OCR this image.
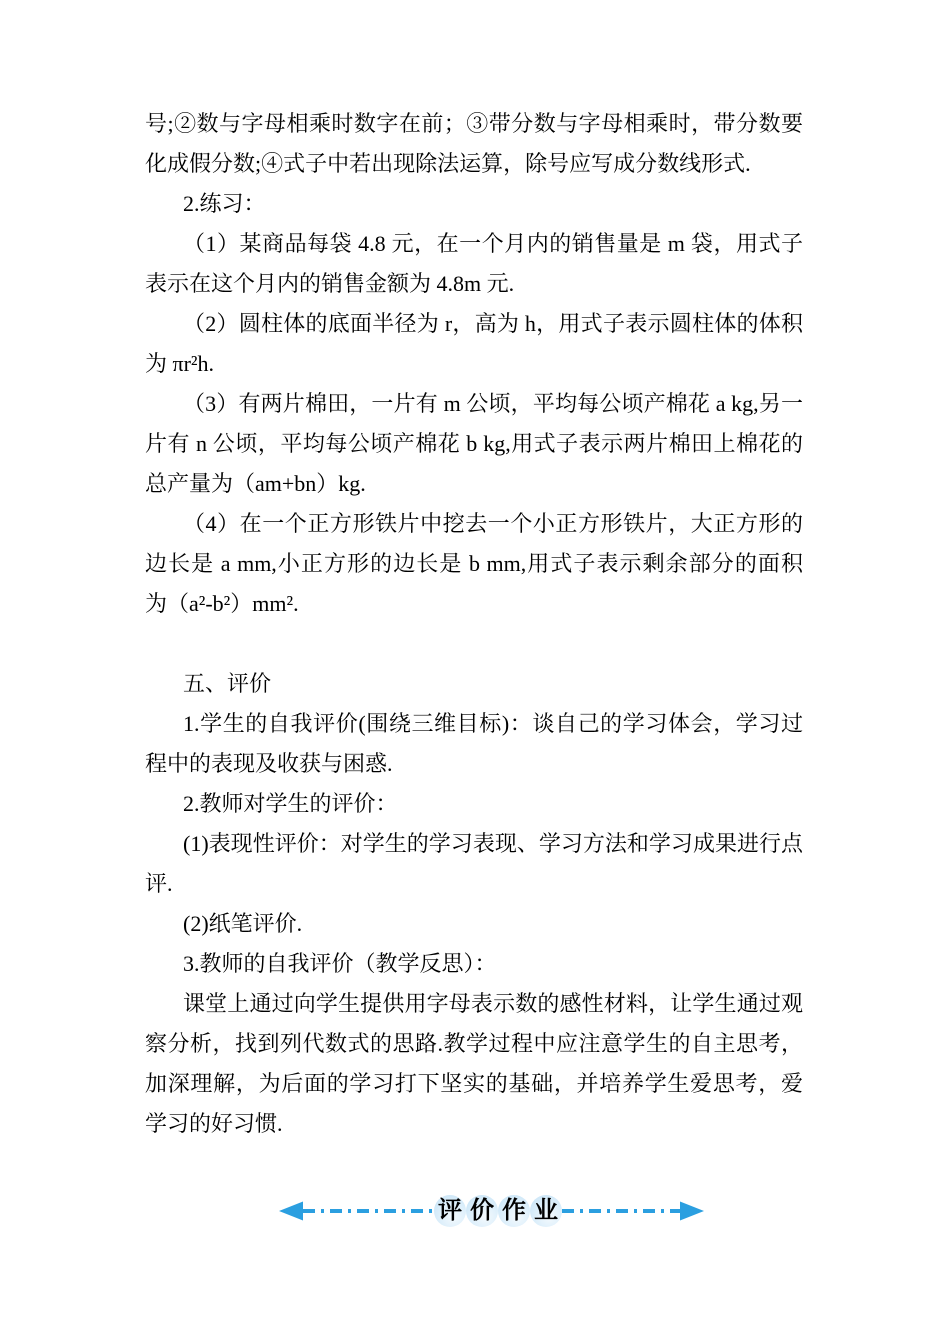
号;②数与字母相乘时数字在前；③带分数与字母相乘时，带分数要
化成假分数;④式子中若出现除法运算，除号应写成分数线形式.
2.练习：
（1）某商品每袋 4.8 元，在一个月内的销售量是 m 袋，用式子
表示在这个月内的销售金额为 4.8m 元.
（2）圆柱体的底面半径为 r，高为 h，用式子表示圆柱体的体积
为 πr²h.
（3）有两片棉田，一片有 m 公顷，平均每公顷产棉花 a kg,另一
片有 n 公顷，平均每公顷产棉花 b kg,用式子表示两片棉田上棉花的
总产量为（am+bn）kg.
（4）在一个正方形铁片中挖去一个小正方形铁片，大正方形的
边长是 a mm,小正方形的边长是 b mm,用式子表示剩余部分的面积
为（a²-b²）mm².
五、评价
1.学生的自我评价(围绕三维目标)：谈自己的学习体会，学习过
程中的表现及收获与困惑.
2.教师对学生的评价：
(1)表现性评价：对学生的学习表现、学习方法和学习成果进行点
评.
(2)纸笔评价.
3.教师的自我评价（教学反思）：
课堂上通过向学生提供用字母表示数的感性材料，让学生通过观
察分析，找到列代数式的思路.教学过程中应注意学生的自主思考，
加深理解，为后面的学习打下坚实的基础，并培养学生爱思考，爱
学习的好习惯.
评 价 作 业
